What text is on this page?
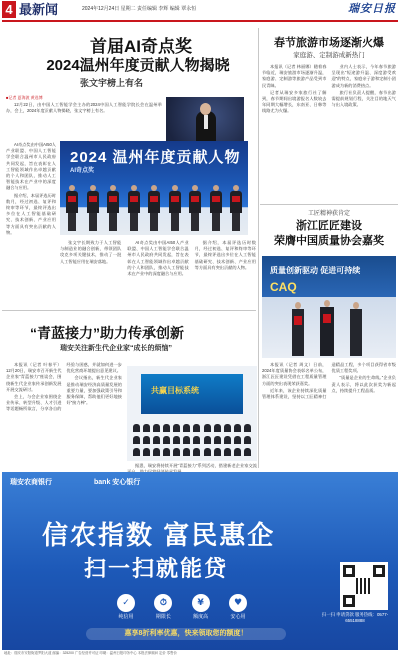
4 最新闻	2024年12月24日 星期二 责任编辑 李辉 编辑 覃永恒	瑞安日报
首届AI奇点奖
2024温州年度贡献人物揭晓
张文宇榜上有名
■记者 夏海波 黄选博

12月22日，由中国人工智能学会主办的2024中国人工智能学院长会在温州举办，会上，2024年度贡献人物揭晓，张文宇榜上有名。

AI奇点奖由中国AI50人产业联盟、中国人工智能学会联合温州市人民政府共同发起，旨在表彰在人工智能领域作出卓越贡献的个人和团队，推动人工智能技术在产业中的深度融合与应用。

据介绍，本届评选历时数月，经过初选、复评和终审等环节，最终评选出多位在人工智能基础研究、技术创新、产业应用等方面具有突出贡献的人物。

2024 温州年度贡献人物
AI奇点奖

张文宇长期致力于人工智能与制造业的融合创新，带领团队攻克多项关键技术，推动了一批人工智能应用在瑞安落地。

AI奇点奖由中国AI50人产业联盟、中国人工智能学会联合温州市人民政府共同发起，旨在表彰在人工智能领域作出卓越贡献的个人和团队，推动人工智能技术在产业中的深度融合与应用。

据介绍，本届评选历时数月，经过初选、复评和终审等环节，最终评选出多位在人工智能基础研究、技术创新、产业应用等方面具有突出贡献的人物。

“青蓝接力”助力传承创新
瑞安关注新生代企业家“成长的烦恼”

本报讯（记者 叶春平）12月20日，瑞安市召开新生代企业家“青蓝接力”座谈会，围绕新生代企业家传承创新发展开展交流研讨。

会上，与会企业家围绕企业传承、转型升级、人才引进等话题畅所欲言，分享各自的经验与困惑，并就如何进一步优化营商环境提出意见建议。

会议指出，新生代企业家是推动瑞安经济高质量发展的重要力量，要加强政策引导和服务保障，帮助他们更好地接好“接力棒”。

共赢目标系统

据悉，瑞安将持续开展“青蓝接力”系列活动，搭建新老企业家交流

春节旅游市场逐渐火爆
家庭游、定制游成新热门

本报讯（记者 林丽娜）随着春节临近，瑞安旅游市场逐渐升温，家庭游、定制游等旅游产品受到市民青睐。

记者从瑞安多家旅行社了解到，春节期间出境游报名人数较去年同期大幅增长，东南亚、日韩等线路尤为火爆。

业内人士表示，今年春节旅游呈现出“短途游升温、深度游受欢迎”的特点，家庭亲子游和定制小团游成为新的消费热点。

旅行社负责人提醒，春节出游需提前规划行程，关注目的地天气与出入境政策。

工匠精神获肯定
浙江匠匠建设
荣膺中国质量协会嘉奖
质量创新驱动 促进可持续
CAQ

本报讯（记者 周文）日前，2024年度质量协会表彰名单公布，浙江匠匠建设凭借在工程质量管理方面的突出表现荣获嘉奖。

近年来，该企业持续深化质量管理体系建设，坚持以工匠精神打造精品工程，多个项目获得省市级优质工程奖项。

“质量是企业的生命线。”企业负责人表示，将以此次获奖为新起点，持续提升工程品质。

瑞安农商银行	bank 安心银行
信农指数 富民惠企
扫一扫就能贷
✓
纯信用
⏱
期限长
¥
额度高
♥
安心用
惠享8折利率优惠，快来领取您的额度！
扫一扫 申请贷款 服务热线：0577-65518888
地址：瑞安市安阳街道罗阳大道 邮编：325200 广告经营许可证 印刷：温州日报印务中心 本报法律顾问 定价 零售价
